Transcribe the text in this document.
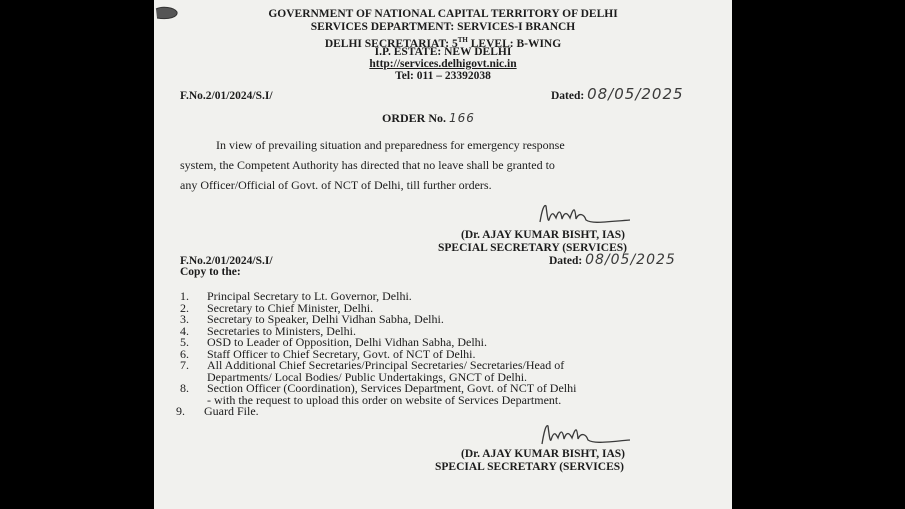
GOVERNMENT OF NATIONAL CAPITAL TERRITORY OF DELHI
SERVICES DEPARTMENT: SERVICES-I BRANCH
DELHI SECRETARIAT: 5TH LEVEL: B-WING
I.P. ESTATE: NEW DELHI
http://services.delhigovt.nic.in
Tel: 011 – 23392038
F.No.2/01/2024/S.I/	Dated: 08/05/2025
ORDER No. 166
In view of prevailing situation and preparedness for emergency response
system, the Competent Authority has directed that no leave shall be granted to
any Officer/Official of Govt. of NCT of Delhi, till further orders.
(Dr. AJAY KUMAR BISHT, IAS)
SPECIAL SECRETARY (SERVICES)
F.No.2/01/2024/S.I/	Dated: 08/05/2025
Copy to the:
1. Principal Secretary to Lt. Governor, Delhi.
2. Secretary to Chief Minister, Delhi.
3. Secretary to Speaker, Delhi Vidhan Sabha, Delhi.
4. Secretaries to Ministers, Delhi.
5. OSD to Leader of Opposition, Delhi Vidhan Sabha, Delhi.
6. Staff Officer to Chief Secretary, Govt. of NCT of Delhi.
7. All Additional Chief Secretaries/Principal Secretaries/ Secretaries/Head of
Departments/ Local Bodies/ Public Undertakings, GNCT of Delhi.
8. Section Officer (Coordination), Services Department, Govt. of NCT of Delhi
- with the request to upload this order on website of Services Department.
9. Guard File.
(Dr. AJAY KUMAR BISHT, IAS)
SPECIAL SECRETARY (SERVICES)
